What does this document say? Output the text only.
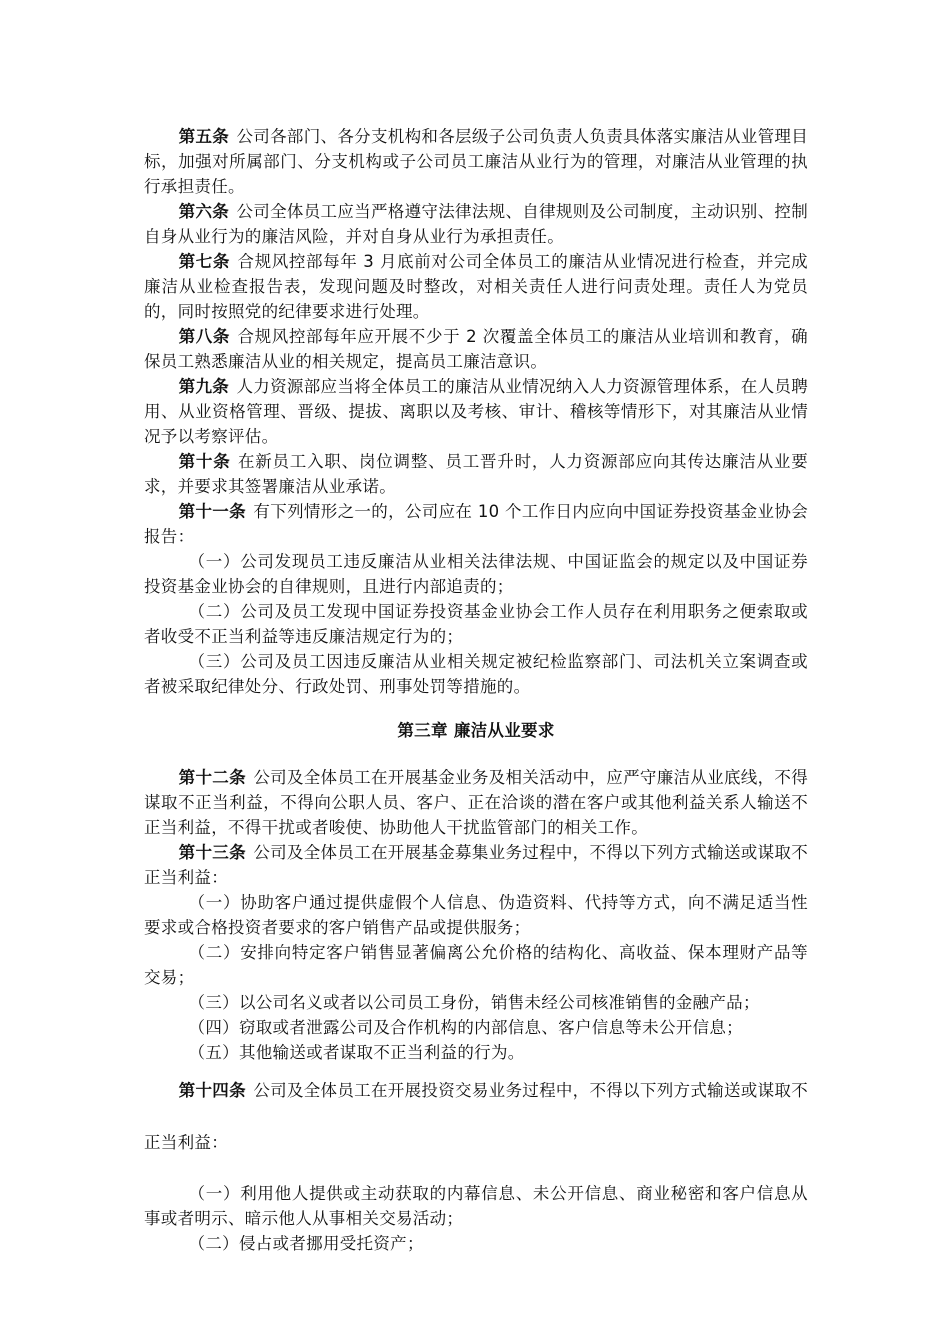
第五条 公司各部门、各分支机构和各层级子公司负责人负责具体落实廉洁从业管理目标，加强对所属部门、分支机构或子公司员工廉洁从业行为的管理，对廉洁从业管理的执行承担责任。

第六条 公司全体员工应当严格遵守法律法规、自律规则及公司制度，主动识别、控制自身从业行为的廉洁风险，并对自身从业行为承担责任。

第七条 合规风控部每年 3 月底前对公司全体员工的廉洁从业情况进行检查，并完成廉洁从业检查报告表，发现问题及时整改，对相关责任人进行问责处理。责任人为党员的，同时按照党的纪律要求进行处理。

第八条 合规风控部每年应开展不少于 2 次覆盖全体员工的廉洁从业培训和教育，确保员工熟悉廉洁从业的相关规定，提高员工廉洁意识。

第九条 人力资源部应当将全体员工的廉洁从业情况纳入人力资源管理体系，在人员聘用、从业资格管理、晋级、提拔、离职以及考核、审计、稽核等情形下，对其廉洁从业情况予以考察评估。

第十条 在新员工入职、岗位调整、员工晋升时，人力资源部应向其传达廉洁从业要求，并要求其签署廉洁从业承诺。

第十一条 有下列情形之一的，公司应在 10 个工作日内应向中国证券投资基金业协会报告：

（一）公司发现员工违反廉洁从业相关法律法规、中国证监会的规定以及中国证券投资基金业协会的自律规则，且进行内部追责的；

（二）公司及员工发现中国证券投资基金业协会工作人员存在利用职务之便索取或者收受不正当利益等违反廉洁规定行为的；

（三）公司及员工因违反廉洁从业相关规定被纪检监察部门、司法机关立案调查或者被采取纪律处分、行政处罚、刑事处罚等措施的。

第三章 廉洁从业要求

第十二条 公司及全体员工在开展基金业务及相关活动中，应严守廉洁从业底线，不得谋取不正当利益，不得向公职人员、客户、正在洽谈的潜在客户或其他利益关系人输送不正当利益，不得干扰或者唆使、协助他人干扰监管部门的相关工作。

第十三条 公司及全体员工在开展基金募集业务过程中，不得以下列方式输送或谋取不正当利益：

（一）协助客户通过提供虚假个人信息、伪造资料、代持等方式，向不满足适当性要求或合格投资者要求的客户销售产品或提供服务；

（二）安排向特定客户销售显著偏离公允价格的结构化、高收益、保本理财产品等交易；

（三）以公司名义或者以公司员工身份，销售未经公司核准销售的金融产品；

（四）窃取或者泄露公司及合作机构的内部信息、客户信息等未公开信息；

（五）其他输送或者谋取不正当利益的行为。

第十四条 公司及全体员工在开展投资交易业务过程中，不得以下列方式输送或谋取不正当利益：

（一）利用他人提供或主动获取的内幕信息、未公开信息、商业秘密和客户信息从事或者明示、暗示他人从事相关交易活动；

（二）侵占或者挪用受托资产；
